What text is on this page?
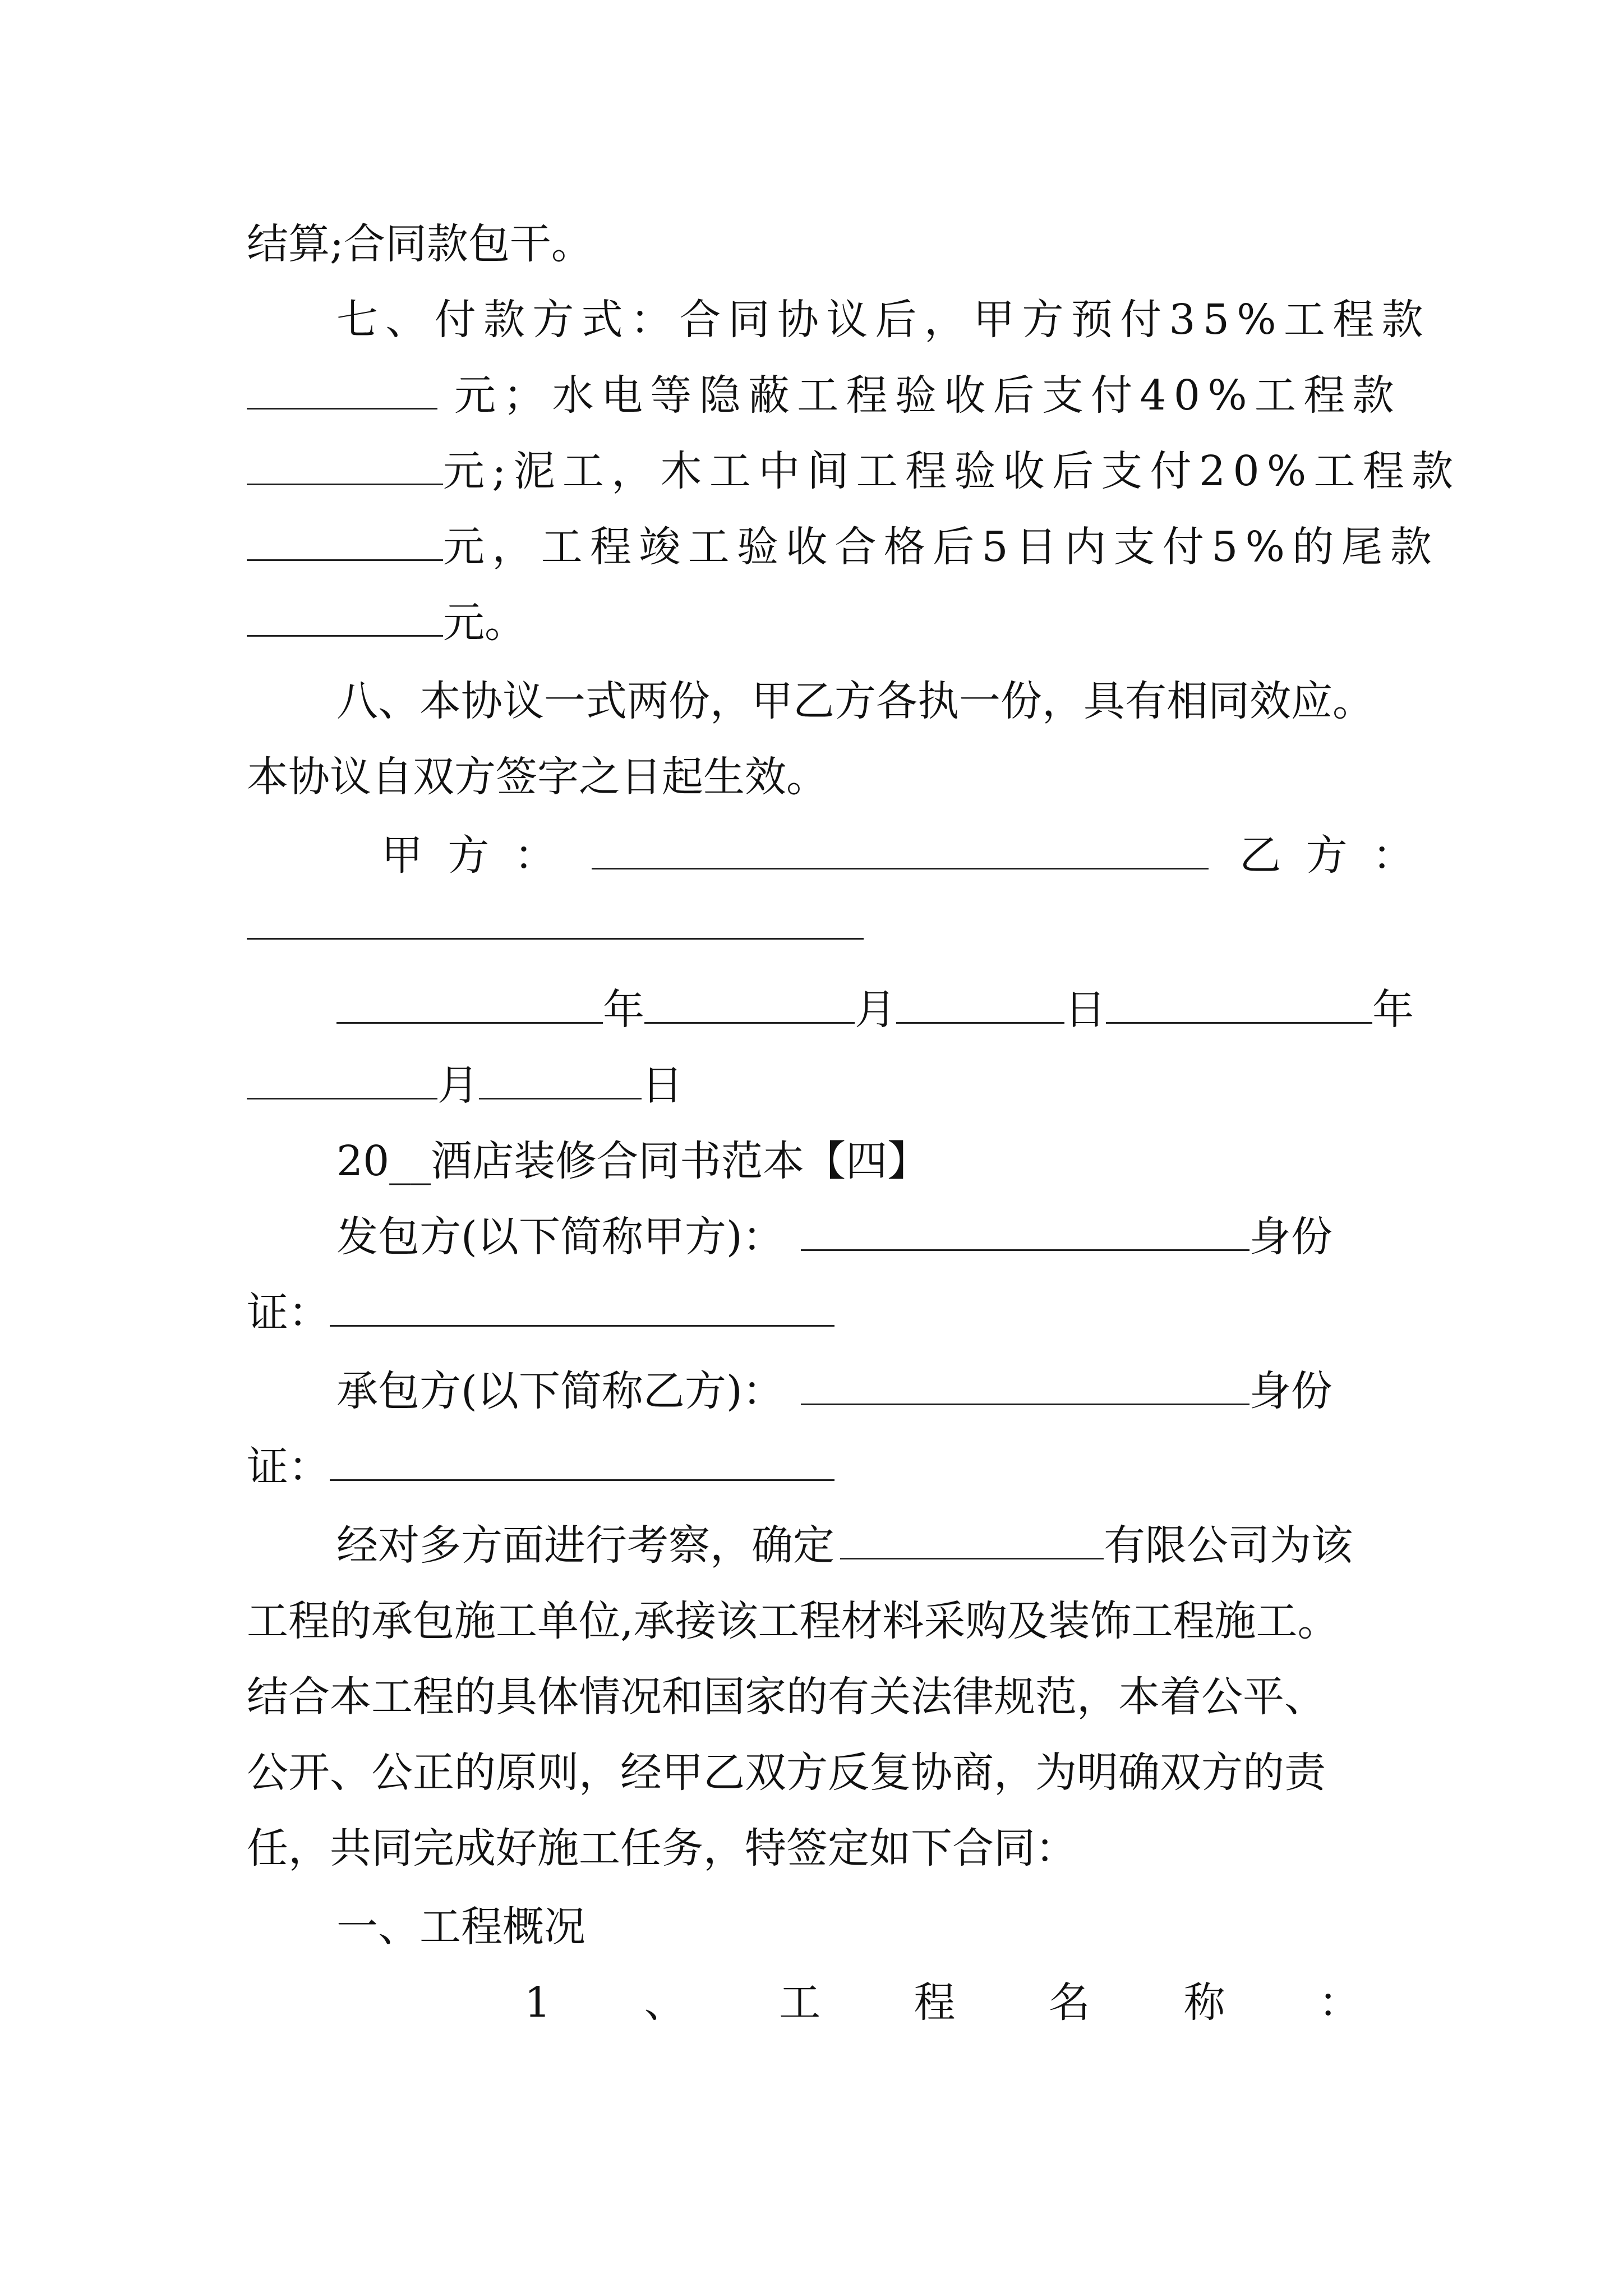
结算;合同款包干。
七、付款方式：合同协议后，甲方预付35%工程款
元；水电等隐蔽工程验收后支付40%工程款
元;泥工，木工中间工程验收后支付20%工程款
元，工程竣工验收合格后5日内支付5%的尾款
元。
八、本协议一式两份，甲乙方各执一份，具有相同效应。
本协议自双方签字之日起生效。
甲方：	乙方：
年	月	日	年
月	日
20__酒店装修合同书范本【四】
发包方(以下简称甲方)：	身份
证：
承包方(以下简称乙方)：	身份
证：
经对多方面进行考察，确定	有限公司为该
工程的承包施工单位,承接该工程材料采购及装饰工程施工。
结合本工程的具体情况和国家的有关法律规范，本着公平、
公开、公正的原则，经甲乙双方反复协商，为明确双方的责
任，共同完成好施工任务，特签定如下合同：
一、工程概况
1 、 工 程 名 称 ：
